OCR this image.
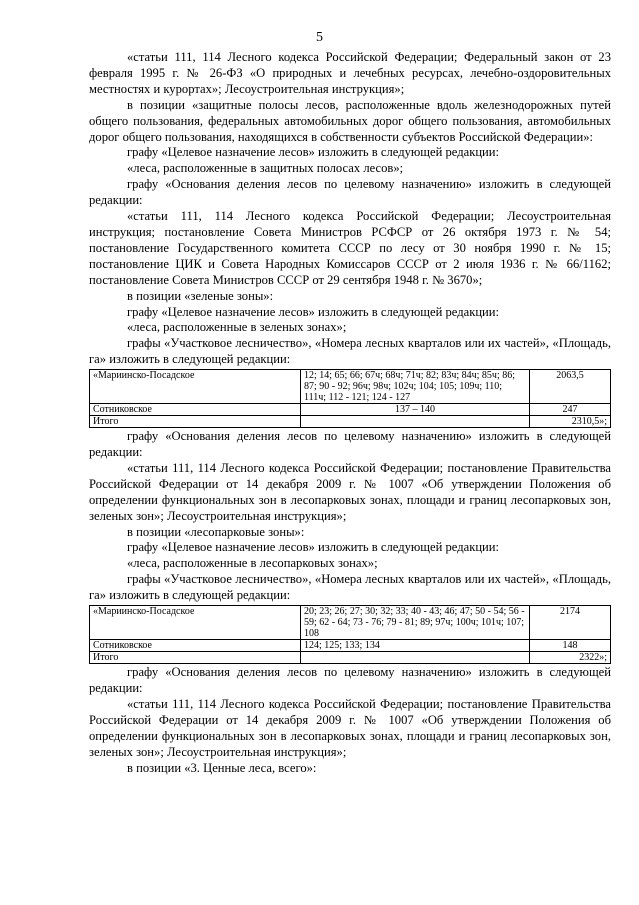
5

«статьи 111, 114 Лесного кодекса Российской Федерации; Федеральный закон от 23 февраля 1995 г. № 26-ФЗ «О природных и лечебных ресурсах, лечебно-оздоровительных местностях и курортах»; Лесоустроительная инструкция»;

в позиции «защитные полосы лесов, расположенные вдоль железнодорожных путей общего пользования, федеральных автомобильных дорог общего пользования, автомобильных дорог общего пользования, находящихся в собственности субъектов Российской Федерации»:

графу «Целевое назначение лесов» изложить в следующей редакции:

«леса, расположенные в защитных полосах лесов»;

графу «Основания деления лесов по целевому назначению» изложить в следующей редакции:

«статьи 111, 114 Лесного кодекса Российской Федерации; Лесоустроительная инструкция; постановление Совета Министров РСФСР от 26 октября 1973 г. № 54; постановление Государственного комитета СССР по лесу от 30 ноября 1990 г. № 15; постановление ЦИК и Совета Народных Комиссаров СССР от 2 июля 1936 г. № 66/1162; постановление Совета Министров СССР от 29 сентября 1948 г. № 3670»;

в позиции «зеленые зоны»:

графу «Целевое назначение лесов» изложить в следующей редакции:

«леса, расположенные в зеленых зонах»;

графы «Участковое лесничество», «Номера лесных кварталов или их частей», «Площадь, га» изложить в следующей редакции:

«Мариинско-Посадское	12; 14; 65; 66; 67ч; 68ч; 71ч; 82; 83ч; 84ч; 85ч; 86; 87; 90 - 92; 96ч; 98ч; 102ч; 104; 105; 109ч; 110; 111ч; 112 - 121; 124 - 127	2063,5
Сотниковское	137 – 140	247
Итого		2310,5»;

графу «Основания деления лесов по целевому назначению» изложить в следующей редакции:

«статьи 111, 114 Лесного кодекса Российской Федерации; постановление Правительства Российской Федерации от 14 декабря 2009 г. № 1007 «Об утверждении Положения об определении функциональных зон в лесопарковых зонах, площади и границ лесопарковых зон, зеленых зон»; Лесоустроительная инструкция»;

в позиции «лесопарковые зоны»:

графу «Целевое назначение лесов» изложить в следующей редакции:

«леса, расположенные в лесопарковых зонах»;

графы «Участковое лесничество», «Номера лесных кварталов или их частей», «Площадь, га» изложить в следующей редакции:

«Мариинско-Посадское	20; 23; 26; 27; 30; 32; 33; 40 - 43; 46; 47; 50 - 54; 56 - 59; 62 - 64; 73 - 76; 79 - 81; 89; 97ч; 100ч; 101ч; 107; 108	2174
Сотниковское	124; 125; 133; 134	148
Итого		2322»;

графу «Основания деления лесов по целевому назначению» изложить в следующей редакции:

«статьи 111, 114 Лесного кодекса Российской Федерации; постановление Правительства Российской Федерации от 14 декабря 2009 г. № 1007 «Об утверждении Положения об определении функциональных зон в лесопарковых зонах, площади и границ лесопарковых зон, зеленых зон»; Лесоустроительная инструкция»;

в позиции «3. Ценные леса, всего»:
